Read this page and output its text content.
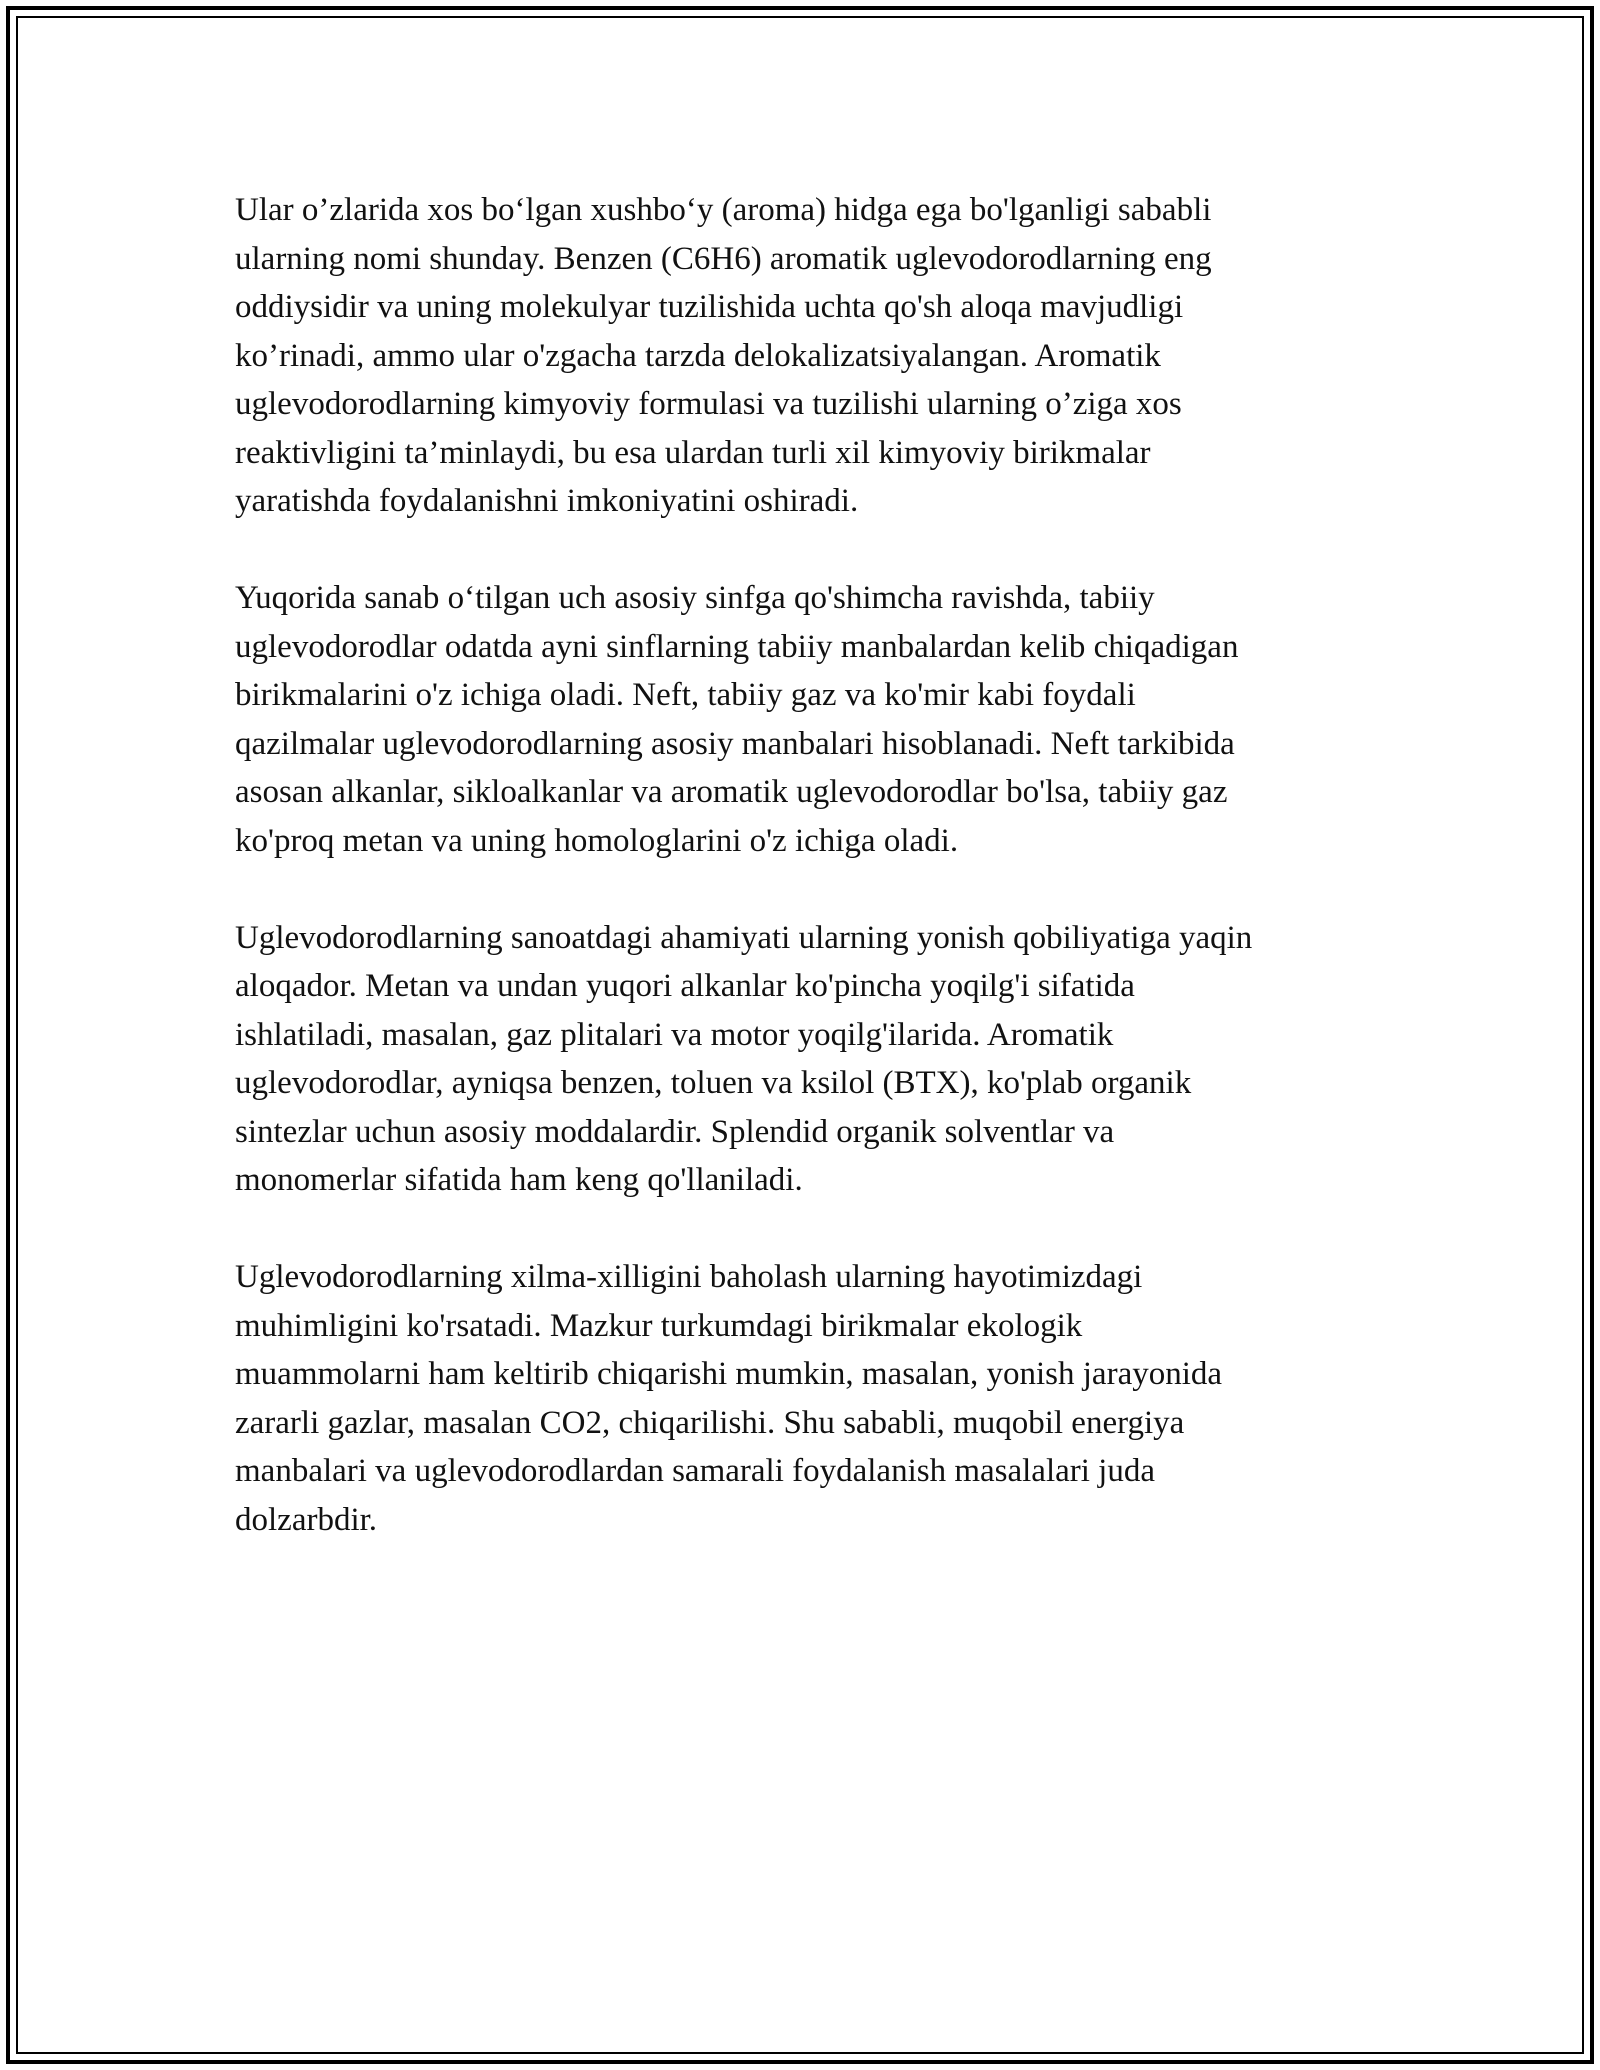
Ular o’zlarida xos bo‘lgan xushbo‘y (aroma) hidga ega bo'lganligi sababli
ularning nomi shunday. Benzen (C6H6) aromatik uglevodorodlarning eng
oddiysidir va uning molekulyar tuzilishida uchta qo'sh aloqa mavjudligi
ko’rinadi, ammo ular o'zgacha tarzda delokalizatsiyalangan. Aromatik
uglevodorodlarning kimyoviy formulasi va tuzilishi ularning o’ziga xos
reaktivligini ta’minlaydi, bu esa ulardan turli xil kimyoviy birikmalar
yaratishda foydalanishni imkoniyatini oshiradi.

Yuqorida sanab o‘tilgan uch asosiy sinfga qo'shimcha ravishda, tabiiy
uglevodorodlar odatda ayni sinflarning tabiiy manbalardan kelib chiqadigan
birikmalarini o'z ichiga oladi. Neft, tabiiy gaz va ko'mir kabi foydali
qazilmalar uglevodorodlarning asosiy manbalari hisoblanadi. Neft tarkibida
asosan alkanlar, sikloalkanlar va aromatik uglevodorodlar bo'lsa, tabiiy gaz
ko'proq metan va uning homologlarini o'z ichiga oladi.

Uglevodorodlarning sanoatdagi ahamiyati ularning yonish qobiliyatiga yaqin
aloqador. Metan va undan yuqori alkanlar ko'pincha yoqilg'i sifatida
ishlatiladi, masalan, gaz plitalari va motor yoqilg'ilarida. Aromatik
uglevodorodlar, ayniqsa benzen, toluen va ksilol (BTX), ko'plab organik
sintezlar uchun asosiy moddalardir. Splendid organik solventlar va
monomerlar sifatida ham keng qo'llaniladi.

Uglevodorodlarning xilma-xilligini baholash ularning hayotimizdagi
muhimligini ko'rsatadi. Mazkur turkumdagi birikmalar ekologik
muammolarni ham keltirib chiqarishi mumkin, masalan, yonish jarayonida
zararli gazlar, masalan CO2, chiqarilishi. Shu sababli, muqobil energiya
manbalari va uglevodorodlardan samarali foydalanish masalalari juda
dolzarbdir.
